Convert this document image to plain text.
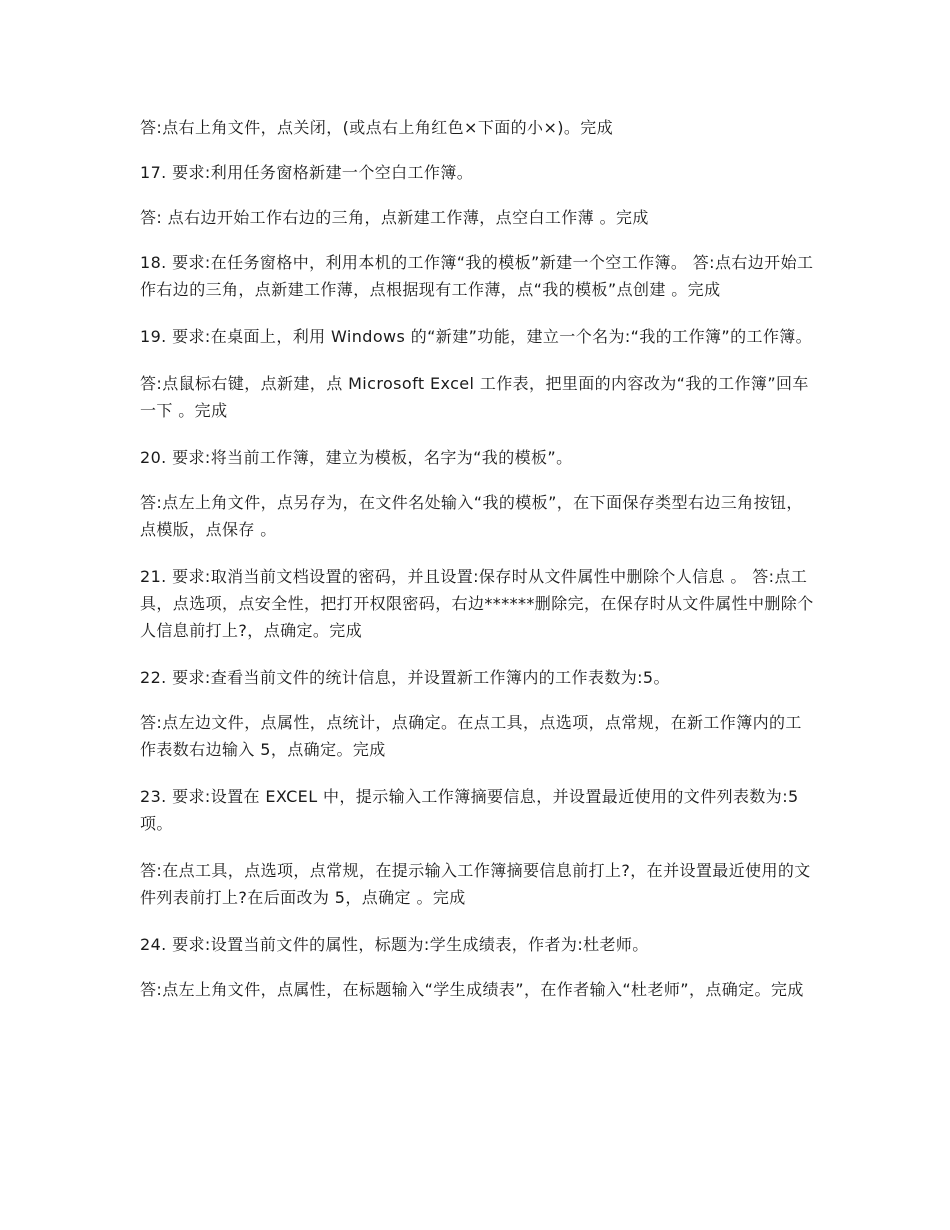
答:点右上角文件，点关闭，(或点右上角红色×下面的小×)。完成

17. 要求:利用任务窗格新建一个空白工作簿。

答: 点右边开始工作右边的三角，点新建工作薄，点空白工作薄 。完成

18. 要求:在任务窗格中，利用本机的工作簿“我的模板”新建一个空工作簿。 答:点右边开始工作右边的三角，点新建工作薄，点根据现有工作薄，点“我的模板”点创建 。完成

19. 要求:在桌面上，利用 Windows 的“新建”功能，建立一个名为:“我的工作簿”的工作簿。

答:点鼠标右键，点新建，点 Microsoft Excel 工作表，把里面的内容改为“我的工作簿”回车一下 。完成

20. 要求:将当前工作簿，建立为模板，名字为“我的模板”。

答:点左上角文件，点另存为，在文件名处输入“我的模板”，在下面保存类型右边三角按钮，点模版，点保存 。

21. 要求:取消当前文档设置的密码，并且设置:保存时从文件属性中删除个人信息 。 答:点工具，点选项，点安全性，把打开权限密码，右边******删除完，在保存时从文件属性中删除个人信息前打上?，点确定。完成

22. 要求:查看当前文件的统计信息，并设置新工作簿内的工作表数为:5。

答:点左边文件，点属性，点统计，点确定。在点工具，点选项，点常规，在新工作簿内的工作表数右边输入 5，点确定。完成

23. 要求:设置在 EXCEL 中，提示输入工作簿摘要信息，并设置最近使用的文件列表数为:5 项。

答:在点工具，点选项，点常规，在提示输入工作簿摘要信息前打上?，在并设置最近使用的文件列表前打上?在后面改为 5，点确定 。完成

24. 要求:设置当前文件的属性，标题为:学生成绩表，作者为:杜老师。

答:点左上角文件，点属性，在标题输入“学生成绩表”，在作者输入“杜老师”，点确定。完成
